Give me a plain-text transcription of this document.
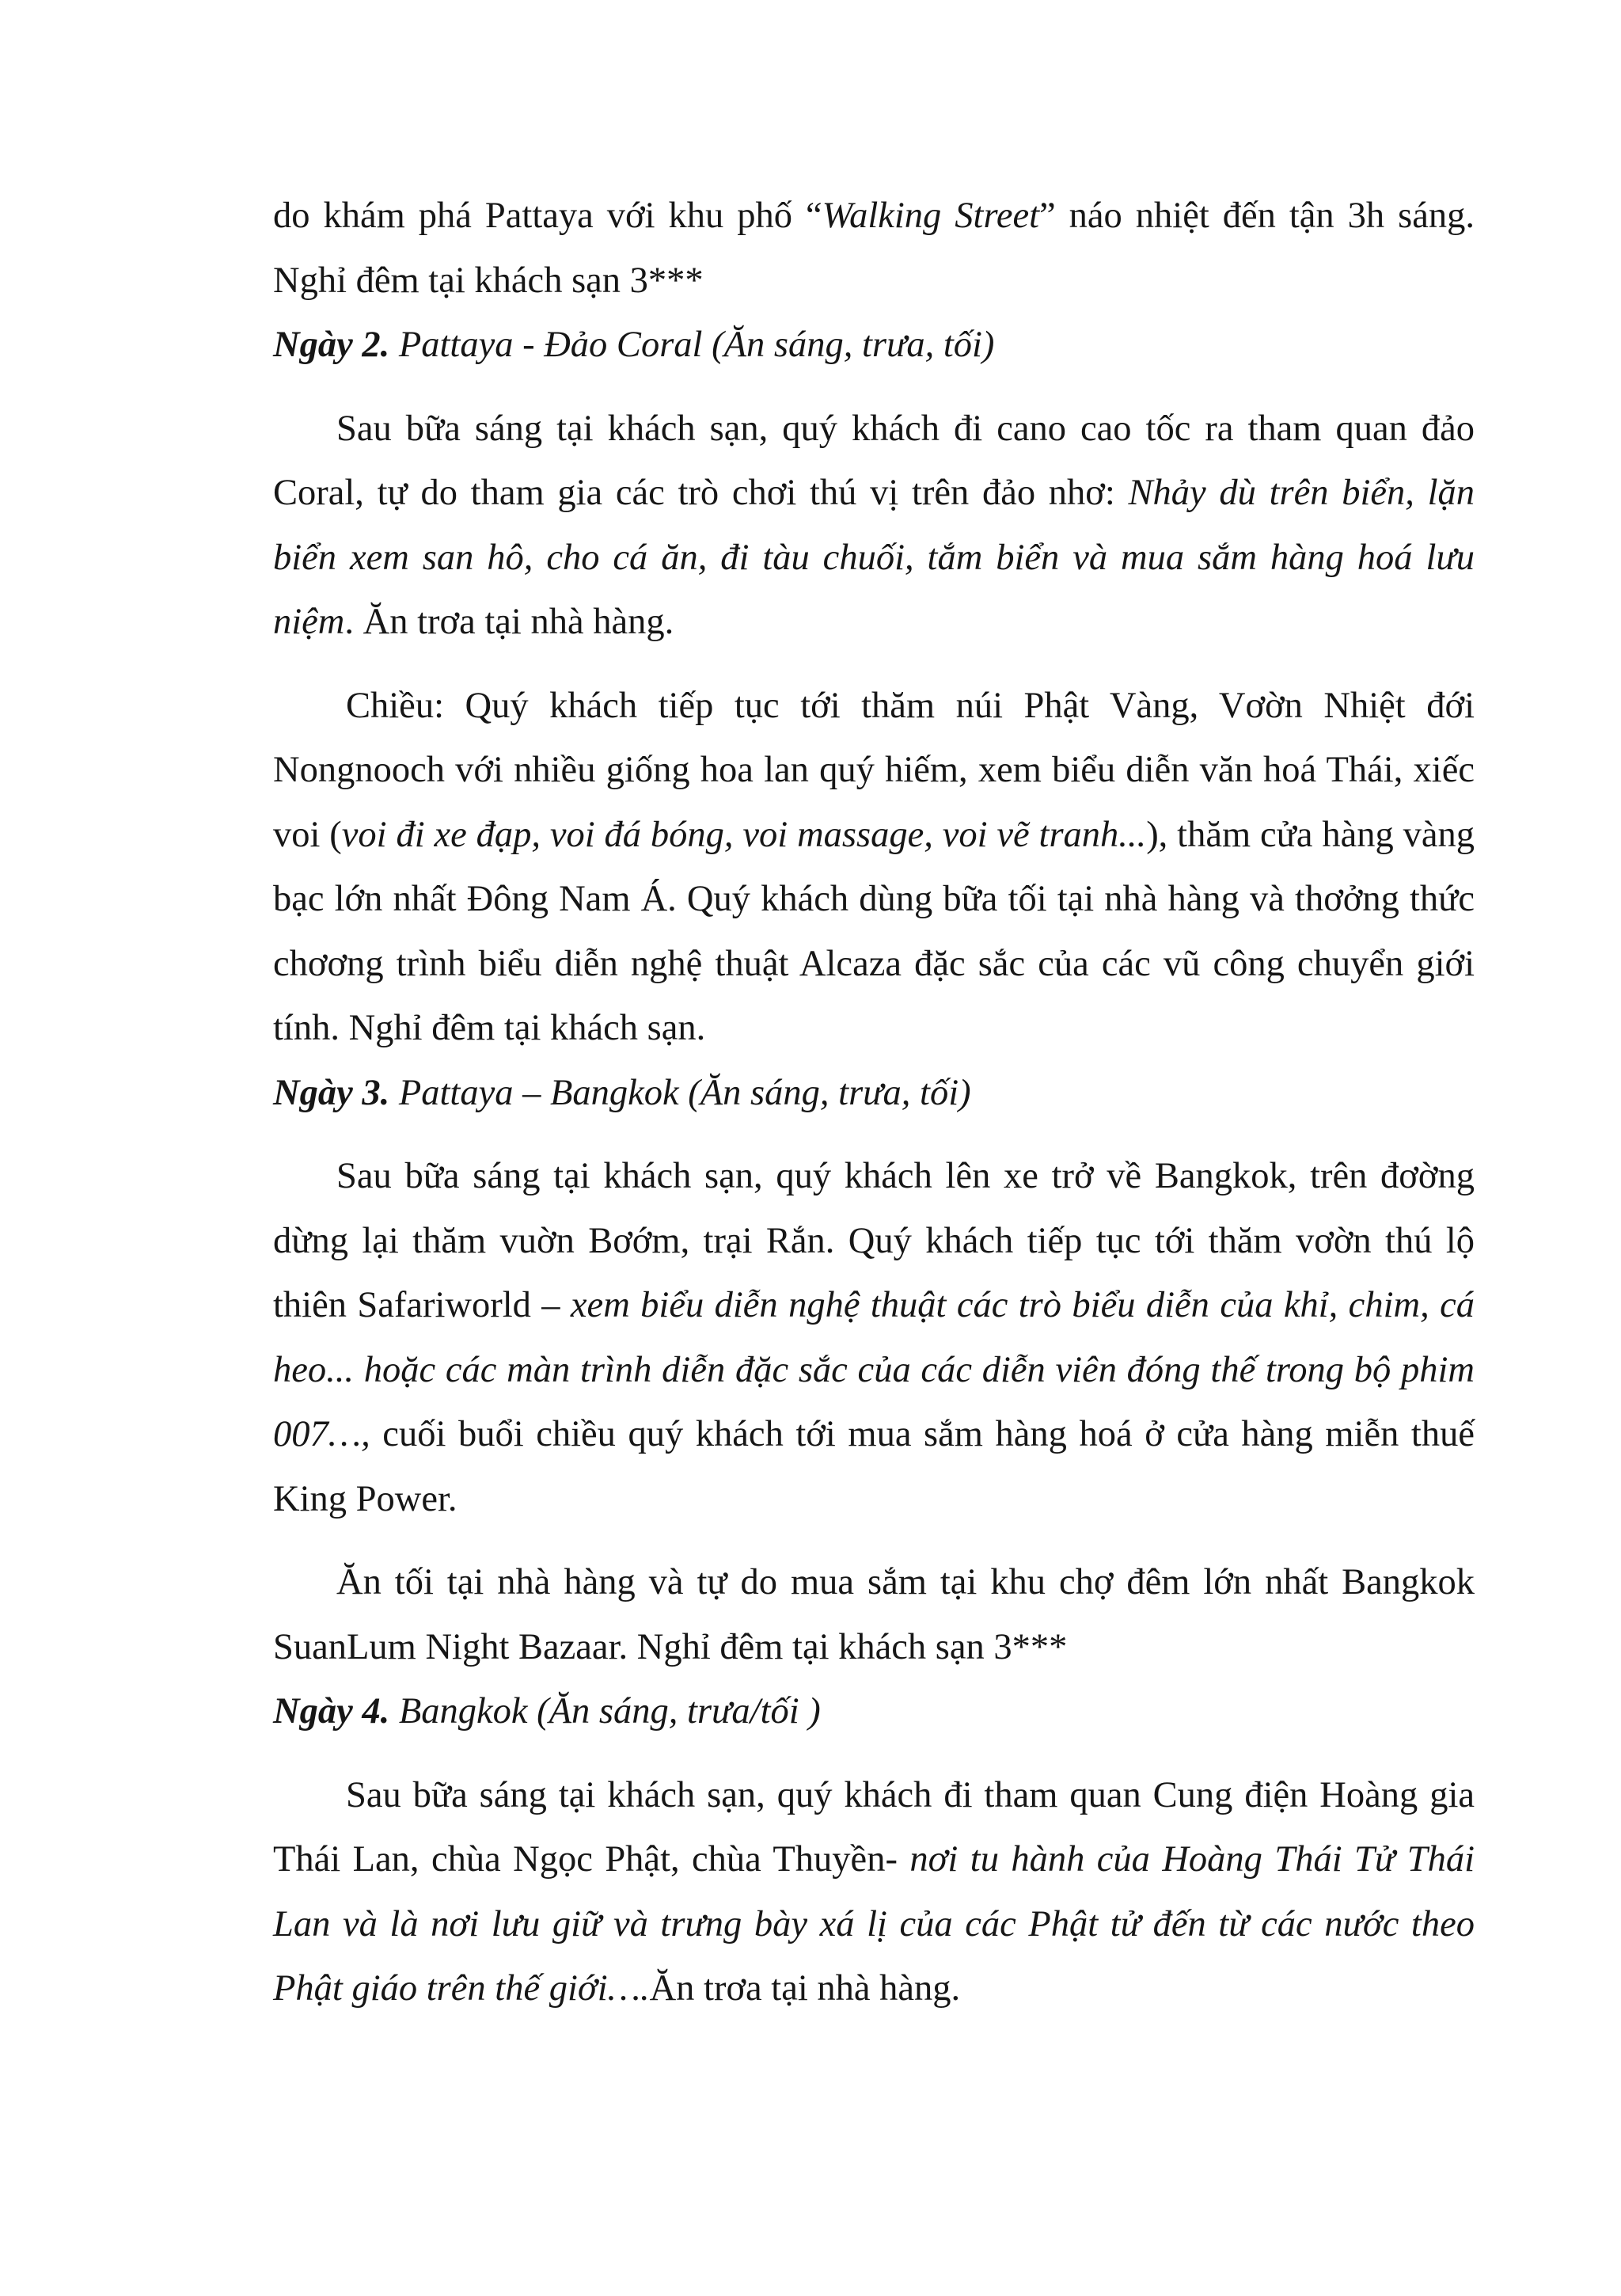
do khám phá Pattaya với khu phố “Walking Street” náo nhiệt đến tận 3h sáng. Nghỉ đêm tại khách sạn 3***

Ngày 2. Pattaya - Đảo Coral (Ăn sáng, trưa, tối)

Sau bữa sáng tại khách sạn, quý khách đi cano cao tốc ra tham quan đảo Coral, tự do tham gia các trò chơi thú vị trên đảo nhơ: Nhảy dù trên biển, lặn biển xem san hô, cho cá ăn, đi tàu chuối, tắm biển và mua sắm hàng hoá lưu niệm. Ăn trơa tại nhà hàng.

Chiều: Quý khách tiếp tục tới thăm núi Phật Vàng, Vơờn Nhiệt đới Nongnooch với nhiều giống hoa lan quý hiếm, xem biểu diễn văn hoá Thái, xiếc voi (voi đi xe đạp, voi đá bóng, voi massage, voi vẽ tranh...), thăm cửa hàng vàng bạc lớn nhất Đông Nam Á. Quý khách dùng bữa tối tại nhà hàng và thơởng thức chơơng trình biểu diễn nghệ thuật Alcaza đặc sắc của các vũ công chuyển giới tính. Nghỉ đêm tại khách sạn.

Ngày 3. Pattaya – Bangkok (Ăn sáng, trưa, tối)

Sau bữa sáng tại khách sạn, quý khách lên xe trở về Bangkok, trên đơờng dừng lại thăm vuờn Bơớm, trại Rắn. Quý khách tiếp tục tới thăm vơờn thú lộ thiên Safariworld – xem biểu diễn nghệ thuật các trò biểu diễn của khỉ, chim, cá heo... hoặc các màn trình diễn đặc sắc của các diễn viên đóng thế trong bộ phim 007…, cuối buổi chiều quý khách tới mua sắm hàng hoá ở cửa hàng miễn thuế King Power.

Ăn tối tại nhà hàng và tự do mua sắm tại khu chợ đêm lớn nhất Bangkok SuanLum Night Bazaar. Nghỉ đêm tại khách sạn 3***

Ngày 4. Bangkok (Ăn sáng, trưa/tối )

Sau bữa sáng tại khách sạn, quý khách đi tham quan Cung điện Hoàng gia Thái Lan, chùa Ngọc Phật, chùa Thuyền- nơi tu hành của Hoàng Thái Tử Thái Lan và là nơi lưu giữ và trưng bày xá lị của các Phật tử đến từ các nước theo Phật giáo trên thế giới….Ăn trơa tại nhà hàng.
